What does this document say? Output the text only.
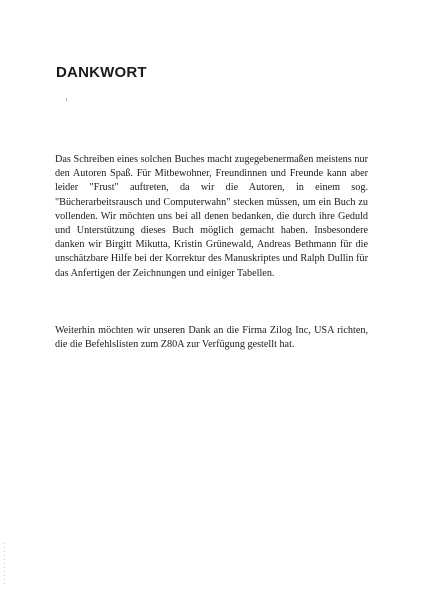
DANKWORT

Das Schreiben eines solchen Buches macht zugegebenermaßen meistens nur den Autoren Spaß. Für Mitbewohner, Freundinnen und Freunde kann aber leider "Frust" auftreten, da wir die Autoren, in einem sog. "Bücherarbeitsrausch und Computerwahn" stecken müssen, um ein Buch zu vollenden. Wir möchten uns bei all denen bedanken, die durch ihre Geduld und Unterstützung dieses Buch möglich gemacht haben. Insbesondere danken wir Birgitt Mikutta, Kristin Grünewald, Andreas Bethmann für die unschätzbare Hilfe bei der Korrektur des Manuskriptes und Ralph Dullin für das Anfertigen der Zeichnungen und einiger Tabellen.

Weiterhin möchten wir unseren Dank an die Firma Zilog Inc, USA richten, die die Befehlslisten zum Z80A zur Verfügung gestellt hat.
